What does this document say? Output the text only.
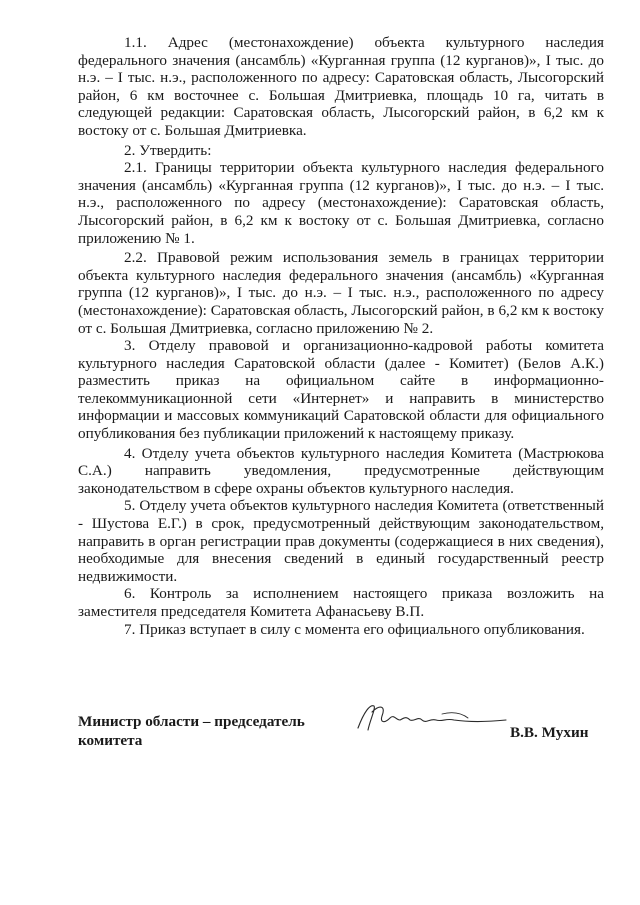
1.1. Адрес (местонахождение) объекта культурного наследия федерального значения (ансамбль) «Курганная группа (12 курганов)», I тыс. до н.э. – I тыс. н.э., расположенного по адресу: Саратовская область, Лысогорский район, 6 км восточнее с. Большая Дмитриевка, площадь 10 га, читать в следующей редакции: Саратовская область, Лысогорский район, в 6,2 км к востоку от с. Большая Дмитриевка.

2. Утвердить:

2.1. Границы территории объекта культурного наследия федерального значения (ансамбль) «Курганная группа (12 курганов)», I тыс. до н.э. – I тыс. н.э., расположенного по адресу (местонахождение): Саратовская область, Лысогорский район, в 6,2 км к востоку от с. Большая Дмитриевка, согласно приложению № 1.

2.2. Правовой режим использования земель в границах территории объекта культурного наследия федерального значения (ансамбль) «Курганная группа (12 курганов)», I тыс. до н.э. – I тыс. н.э., расположенного по адресу (местонахождение): Саратовская область, Лысогорский район, в 6,2 км к востоку от с. Большая Дмитриевка, согласно приложению № 2.

3. Отделу правовой и организационно-кадровой работы комитета культурного наследия Саратовской области (далее - Комитет) (Белов А.К.) разместить приказ на официальном сайте в информационно-телекоммуникационной сети «Интернет» и направить в министерство информации и массовых коммуникаций Саратовской области для официального опубликования без публикации приложений к настоящему приказу.

4. Отделу учета объектов культурного наследия Комитета (Мастрюкова С.А.) направить уведомления, предусмотренные действующим законодательством в сфере охраны объектов культурного наследия.

5. Отделу учета объектов культурного наследия Комитета (ответственный - Шустова Е.Г.) в срок, предусмотренный действующим законодательством, направить в орган регистрации прав документы (содержащиеся в них сведения), необходимые для внесения сведений в единый государственный реестр недвижимости.

6. Контроль за исполнением настоящего приказа возложить на заместителя председателя Комитета Афанасьеву В.П.

7. Приказ вступает в силу с момента его официального опубликования.

Министр области – председатель комитета	В.В. Мухин
